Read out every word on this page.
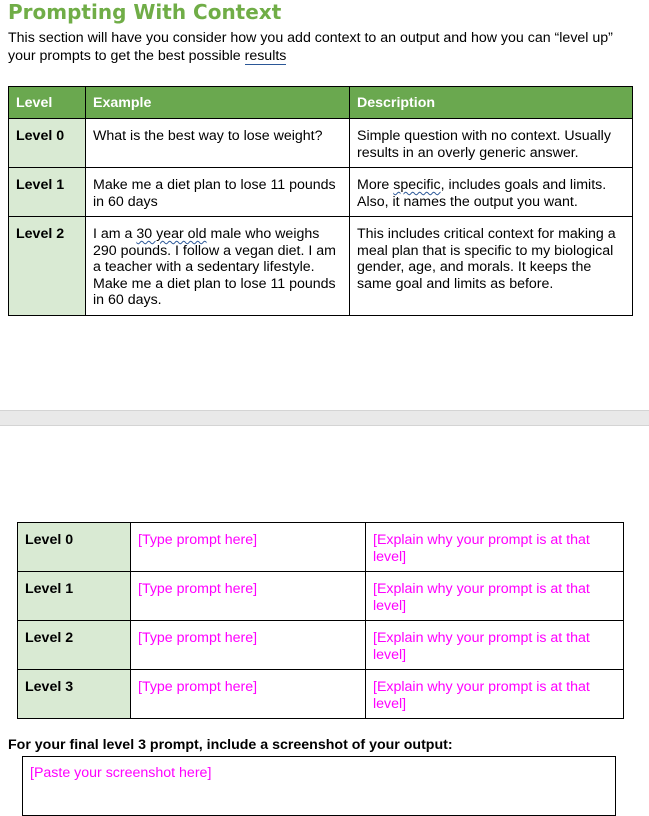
Prompting With Context
This section will have you consider how you add context to an output and how you can “level up” your prompts to get the best possible results
Level	Example	Description
Level 0	What is the best way to lose weight?	Simple question with no context. Usually results in an overly generic answer.
Level 1	Make me a diet plan to lose 11 pounds in 60 days	More specific, includes goals and limits. Also, it names the output you want.
Level 2	I am a 30 year old male who weighs 290 pounds. I follow a vegan diet. I am a teacher with a sedentary lifestyle. Make me a diet plan to lose 11 pounds in 60 days.	This includes critical context for making a meal plan that is specific to my biological gender, age, and morals. It keeps the same goal and limits as before.
Level 0	[Type prompt here]	[Explain why your prompt is at that level]
Level 1	[Type prompt here]	[Explain why your prompt is at that level]
Level 2	[Type prompt here]	[Explain why your prompt is at that level]
Level 3	[Type prompt here]	[Explain why your prompt is at that level]
For your final level 3 prompt, include a screenshot of your output:
[Paste your screenshot here]
